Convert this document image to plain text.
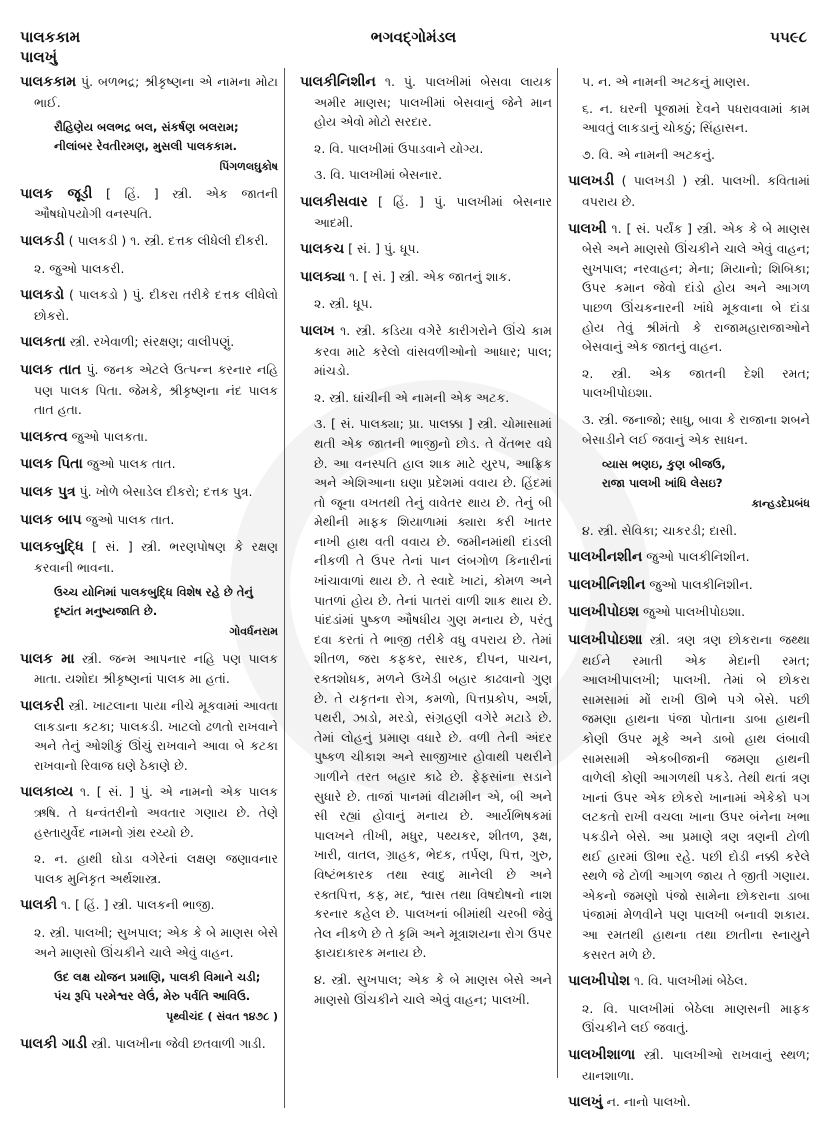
પાલકકામ
પાલખું
ભગવદ્ગોમંડલ	૫૫૯૮
પાલકકામ પું. બળભદ્ર; શ્રીકૃષ્ણના એ નામના મોટા ભાઈ.
રૌહિણેય બલભદ્ર બલ, સંકર્ષણ બલરામ;
નીલાંબર રેવતીરમણ, મુસલી પાલકકામ.
પિંગળલઘુકોષ
પાલક જૂડી [ હિં. ] સ્ત્રી. એક જાતની ઔષધોપયોગી વનસ્પતિ.
પાલકડી ( પાલકડી ) ૧. સ્ત્રી. દત્તક લીધેલી દીકરી.
૨. જુઓ પાલકરી.
પાલકડો ( પાલકડો ) પું. દીકરા તરીકે દત્તક લીધેલો છોકરો.
પાલકતા સ્ત્રી. રખેવાળી; સંરક્ષણ; વાલીપણું.
પાલક તાત પું. જનક એટલે ઉત્પન્ન કરનાર નહિ પણ પાલક પિતા. જેમકે, શ્રીકૃષ્ણના નંદ પાલક તાત હતા.
પાલકત્વ જુઓ પાલકતા.
પાલક પિતા જુઓ પાલક તાત.
પાલક પુત્ર પું. ખોળે બેસાડેલ દીકરો; દત્તક પુત્ર.
પાલક બાપ જુઓ પાલક તાત.
પાલકબુદ્ધિ [ સં. ] સ્ત્રી. ભરણપોષણ કે રક્ષણ કરવાની ભાવના.
ઉચ્ચ યોનિમાં પાલકબુદ્ધિ વિશેષ રહે છે તેનું
દૃષ્ટાંત મનુષ્યજાતિ છે.
ગોવર્ધનરામ
પાલક મા સ્ત્રી. જન્મ આપનાર નહિ પણ પાલક માતા. યશોદા શ્રીકૃષ્ણનાં પાલક મા હતાં.
પાલકરી સ્ત્રી. ખાટલાના પાયા નીચે મૂકવામાં આવતા લાકડાના કટકા; પાલકડી. ખાટલો ઢળતો રાખવાને અને તેનું ઓશીકું ઊંચું રાખવાને આવા બે કટકા રાખવાનો રિવાજ ઘણે ઠેકાણે છે.
પાલકાવ્ય ૧. [ સં. ] પું. એ નામનો એક પાલક ઋષિ. તે ધન્વંતરીનો અવતાર ગણાય છે. તેણે હસ્તાયુર્વેદ નામનો ગ્રંથ રચ્યો છે.
૨. ન. હાથી ઘોડા વગેરેનાં લક્ષણ જણાવનાર પાલક મુનિકૃત અર્થશાસ્ત્ર.
પાલકી ૧. [ હિં. ] સ્ત્રી. પાલકની ભાજી.
૨. સ્ત્રી. પાલખી; સુખપાલ; એક કે બે માણસ બેસે અને માણસો ઊંચકીને ચાલે એવું વાહન.
ઉદ લક્ષ યોજન પ્રમાણિ, પાલકી વિમાને ચડી;
પંચ રૂપિ પરમેશ્વર લેઉં, મેરુ પર્વતિ આવિઉ.
પૃથ્વીચંદ ( સંવત ૧૪૭૮ )
પાલકી ગાડી સ્ત્રી. પાલખીના જેવી છતવાળી ગાડી.
પાલકીનિશીન ૧. પું. પાલખીમાં બેસવા લાયક અમીર માણસ; પાલખીમાં બેસવાનું જેને માન હોય એવો મોટો સરદાર.
૨. વિ. પાલખીમાં ઉપાડવાને યોગ્ય.
૩. વિ. પાલખીમાં બેસનાર.
પાલકીસવાર [ હિં. ] પું. પાલખીમાં બેસનાર આદમી.
પાલકચ [ સં. ] પું. ધૂપ.
પાલક્યા ૧. [ સં. ] સ્ત્રી. એક જાતનું શાક.
૨. સ્ત્રી. ધૂપ.
પાલખ ૧. સ્ત્રી. કડિયા વગેરે કારીગરોને ઊંચે કામ કરવા માટે કરેલો વાંસવળીઓનો આધાર; પાલ; માંચડો.
૨. સ્ત્રી. ઘાંચીની એ નામની એક અટક.
૩. [ સં. પાલક્યા; પ્રા. પાલક્કા ] સ્ત્રી. ચોમાસામાં થતી એક જાતની ભાજીનો છોડ. તે વેંતભર વધે છે. આ વનસ્પતિ હાલ શાક માટે યુરપ, આફ્રિક અને એશિઆના ઘણા પ્રદેશમાં વવાય છે. હિંદમાં તો જૂના વખતથી તેનું વાવેતર થાય છે. તેનું બી મેથીની માફક શિયાળામાં ક્યારા કરી ખાતર નાખી હાથ વતી વવાય છે. જમીનમાંથી દાંડલી નીકળી તે ઉપર તેનાં પાન લંબગોળ કિનારીનાં ખાંચાવાળાં થાય છે. તે સ્વાદે ખાટાં, કોમળ અને પાતળાં હોય છે. તેનાં પાતરાં વાળી શાક થાય છે. પાંદડાંમાં પુષ્કળ ઔષધીય ગુણ મનાય છે, પરંતુ દવા કરતાં તે ભાજી તરીકે વધુ વપરાય છે. તેમાં શીતળ, જરા કફકર, સારક, દીપન, પાચન, રક્તશોધક, મળને ઉખેડી બહાર કાઢવાનો ગુણ છે. તે યકૃતના રોગ, કમળો, પિત્તપ્રકોપ, અર્શ, પથરી, ઝાડો, મરડો, સંગ્રહણી વગેરે મટાડે છે. તેમાં લોહનું પ્રમાણ વધારે છે. વળી તેની અંદર પુષ્કળ ચીકાશ અને સાજીખાર હોવાથી પથરીને ગાળીને તરત બહાર કાઢે છે. ફેફસાંના સડાને સુધારે છે. તાજાં પાનમાં વીટામીન એ, બી અને સી રહ્યાં હોવાનું મનાય છે. આર્યભિષકમાં પાલખને તીખી, મધુર, પથ્યકર, શીતળ, રૂક્ષ, ખારી, વાતલ, ગ્રાહક, ભેદક, તર્પણ, પિત્ત, ગુરુ, વિષ્ટંભકારક તથા સ્વાદુ માનેલી છે અને રક્તપિત્ત, કફ, મદ, શ્વાસ તથા વિષદોષનો નાશ કરનાર કહેલ છે. પાલખનાં બીમાંથી ચરબી જેવું તેલ નીકળે છે તે કૃમિ અને મૂત્રાશયના રોગ ઉપર ફાયદાકારક મનાય છે.
૪. સ્ત્રી. સુખપાલ; એક કે બે માણસ બેસે અને માણસો ઊંચકીને ચાલે એવું વાહન; પાલખી.
૫. ન. એ નામની અટકનું માણસ.
૬. ન. ઘરની પૂજામાં દેવને પધરાવવામાં કામ આવતું લાકડાનું ચોકઠું; સિંહાસન.
૭. વિ. એ નામની અટકનું.
પાલખડી ( પાલખડી ) સ્ત્રી. પાલખી. કવિતામાં વપરાય છે.
પાલખી ૧. [ સં. પર્યંક ] સ્ત્રી. એક કે બે માણસ બેસે અને માણસો ઊંચકીને ચાલે એવું વાહન; સુખપાલ; નરવાહન; મેના; મિયાનો; શિબિકા; ઉપર કમાન જેવો દાંડો હોય અને આગળ પાછળ ઊંચકનારની ખાંધે મૂકવાના બે દાંડા હોય તેવું શ્રીમંતો કે રાજામહારાજાઓને બેસવાનું એક જાતનું વાહન.
૨. સ્ત્રી. એક જાતની દેશી રમત; પાલખીપોઇશા.
૩. સ્ત્રી. જનાજો; સાધુ, બાવા કે રાજાના શબને બેસાડીને લઈ જવાનું એક સાધન.
વ્યાસ ભણઇ, કુણ બીજઉ,
રાજા પાલખી ખાંધિ લેસઇ?
કાન્હડદેપ્રબંધ
૪. સ્ત્રી. સેવિકા; ચાકરડી; દાસી.
પાલખીનશીન જુઓ પાલકીનિશીન.
પાલખીનિશીન જુઓ પાલકીનિશીન.
પાલખીપોઇશ જુઓ પાલખીપોઇશા.
પાલખીપોઇશા સ્ત્રી. ત્રણ ત્રણ છોકરાના જથ્થા થઈને રમાતી એક મેદાની રમત; આલખીપાલખી; પાલખી. તેમાં બે છોકરા સામસામાં મોં રાખી ઊભે પગે બેસે. પછી જમણા હાથના પંજા પોતાના ડાબા હાથની કોણી ઉપર મૂકે અને ડાબો હાથ લંબાવી સામસામી એકબીજાની જમણા હાથની વાળેલી કોણી આગળથી પકડે. તેથી થતાં ત્રણ ખાનાં ઉપર એક છોકરો ખાનામાં એકેકો પગ લટકતો રાખી વચલા ખાના ઉપર બંનેના ખભા પકડીને બેસે. આ પ્રમાણે ત્રણ ત્રણની ટોળી થઈ હારમાં ઊભા રહે. પછી દોડી નક્કી કરેલે સ્થળે જે ટોળી આગળ જાય તે જીતી ગણાય. એકનો જમણો પંજો સામેના છોકરાના ડાબા પંજામાં મેળવીને પણ પાલખી બનાવી શકાય. આ રમતથી હાથના તથા છાતીના સ્નાયુને કસરત મળે છે.
પાલખીપોશ ૧. વિ. પાલખીમાં બેઠેલ.
૨. વિ. પાલખીમાં બેઠેલા માણસની માફક ઊંચકીને લઈ જવાતું.
પાલખીશાળા સ્ત્રી. પાલખીઓ રાખવાનું સ્થળ; યાનશાળા.
પાલખું ન. નાનો પાલખો.
